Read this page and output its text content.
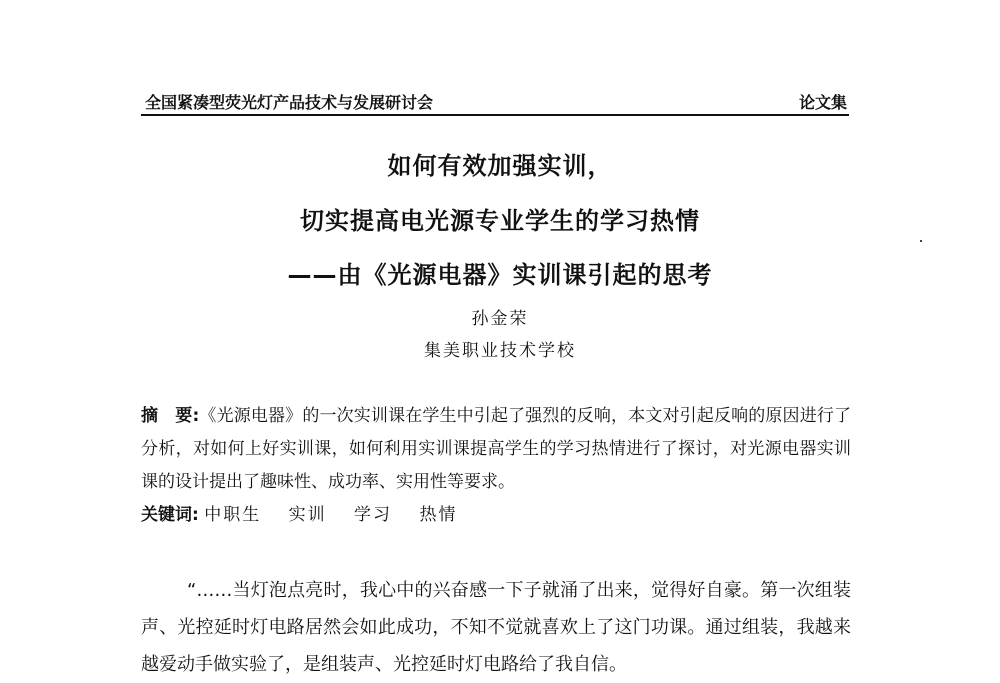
全国紧凑型荧光灯产品技术与发展研讨会	论文集
如何有效加强实训，
切实提高电光源专业学生的学习热情
——由《光源电器》实训课引起的思考
孙金荣
集美职业技术学校
摘　要:《光源电器》的一次实训课在学生中引起了强烈的反响，本文对引起反响的原因进行了分析，对如何上好实训课，如何利用实训课提高学生的学习热情进行了探讨，对光源电器实训课的设计提出了趣味性、成功率、实用性等要求。
关键词: 中职生 实训 学习 热情
“……当灯泡点亮时，我心中的兴奋感一下子就涌了出来，觉得好自豪。第一次组装声、光控延时灯电路居然会如此成功，不知不觉就喜欢上了这门功课。通过组装，我越来越爱动手做实验了，是组装声、光控延时灯电路给了我自信。
